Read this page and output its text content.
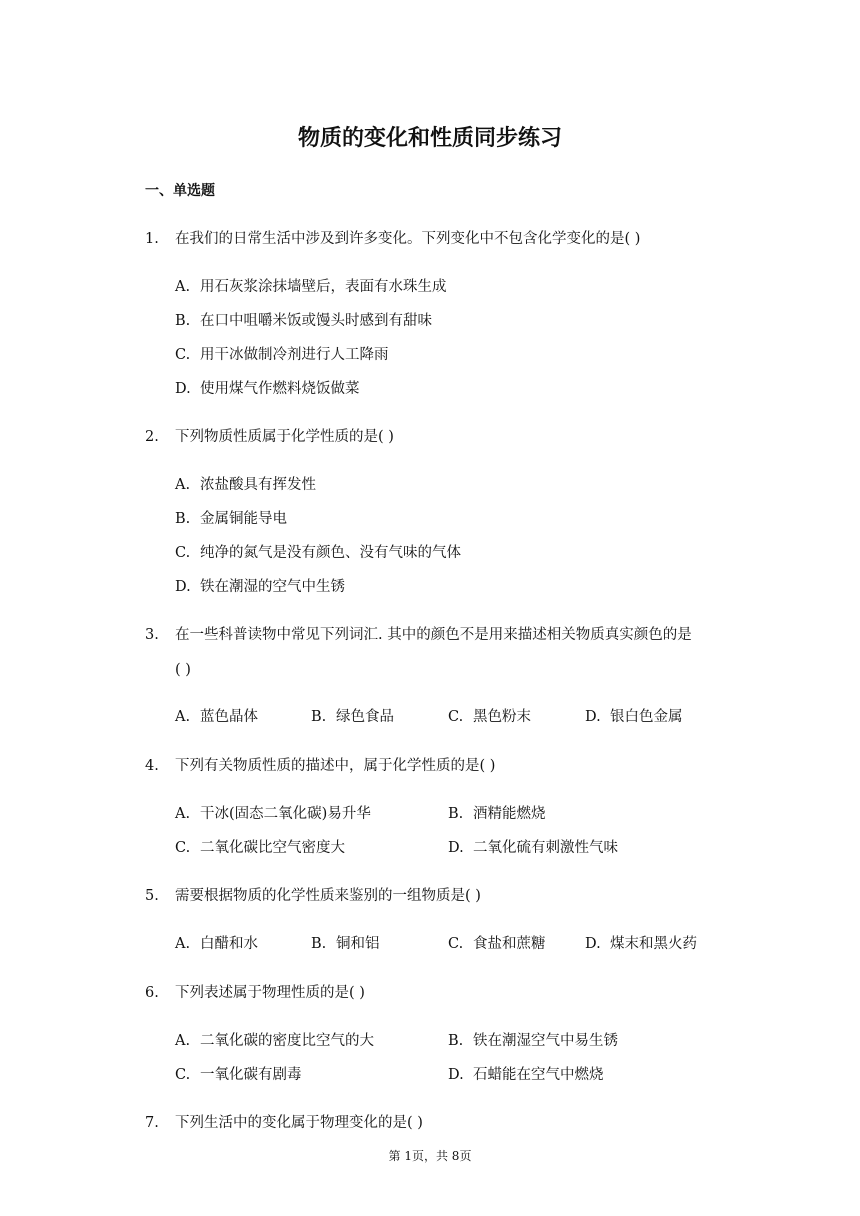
物质的变化和性质同步练习
一、单选题
1.	在我们的日常生活中涉及到许多变化。下列变化中不包含化学变化的是( )
A. 用石灰浆涂抹墙壁后，表面有水珠生成
B. 在口中咀嚼米饭或馒头时感到有甜味
C. 用干冰做制冷剂进行人工降雨
D. 使用煤气作燃料烧饭做菜
2.	下列物质性质属于化学性质的是( )
A. 浓盐酸具有挥发性
B. 金属铜能导电
C. 纯净的氮气是没有颜色、没有气味的气体
D. 铁在潮湿的空气中生锈
3.	在一些科普读物中常见下列词汇. 其中的颜色不是用来描述相关物质真实颜色的是
( )
A. 蓝色晶体	B. 绿色食品	C. 黑色粉末	D. 银白色金属
4.	下列有关物质性质的描述中，属于化学性质的是( )
A. 干冰(固态二氧化碳)易升华	B. 酒精能燃烧
C. 二氧化碳比空气密度大	D. 二氧化硫有刺激性气味
5.	需要根据物质的化学性质来鉴别的一组物质是( )
A. 白醋和水	B. 铜和铝	C. 食盐和蔗糖	D. 煤末和黑火药
6.	下列表述属于物理性质的是( )
A. 二氧化碳的密度比空气的大	B. 铁在潮湿空气中易生锈
C. 一氧化碳有剧毒	D. 石蜡能在空气中燃烧
7.	下列生活中的变化属于物理变化的是( )
第 1页，共 8页
